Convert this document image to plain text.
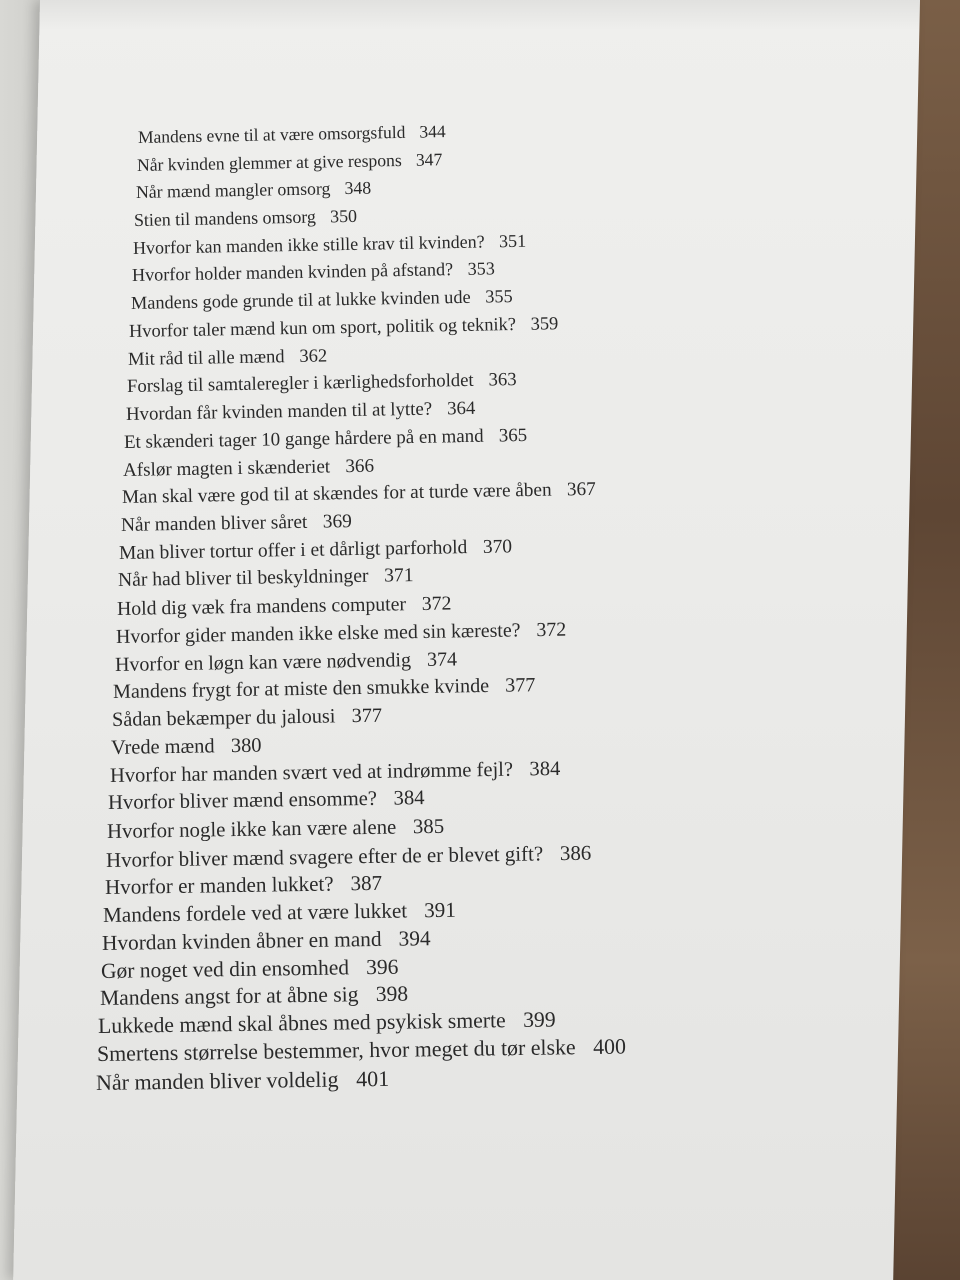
Mandens evne til at være omsorgsfuld 344
Når kvinden glemmer at give respons 347
Når mænd mangler omsorg 348
Stien til mandens omsorg 350
Hvorfor kan manden ikke stille krav til kvinden? 351
Hvorfor holder manden kvinden på afstand? 353
Mandens gode grunde til at lukke kvinden ude 355
Hvorfor taler mænd kun om sport, politik og teknik? 359
Mit råd til alle mænd 362
Forslag til samtaleregler i kærlighedsforholdet 363
Hvordan får kvinden manden til at lytte? 364
Et skænderi tager 10 gange hårdere på en mand 365
Afslør magten i skænderiet 366
Man skal være god til at skændes for at turde være åben 367
Når manden bliver såret 369
Man bliver tortur offer i et dårligt parforhold 370
Når had bliver til beskyldninger 371
Hold dig væk fra mandens computer 372
Hvorfor gider manden ikke elske med sin kæreste? 372
Hvorfor en løgn kan være nødvendig 374
Mandens frygt for at miste den smukke kvinde 377
Sådan bekæmper du jalousi 377
Vrede mænd 380
Hvorfor har manden svært ved at indrømme fejl? 384
Hvorfor bliver mænd ensomme? 384
Hvorfor nogle ikke kan være alene 385
Hvorfor bliver mænd svagere efter de er blevet gift? 386
Hvorfor er manden lukket? 387
Mandens fordele ved at være lukket 391
Hvordan kvinden åbner en mand 394
Gør noget ved din ensomhed 396
Mandens angst for at åbne sig 398
Lukkede mænd skal åbnes med psykisk smerte 399
Smertens størrelse bestemmer, hvor meget du tør elske 400
Når manden bliver voldelig 401
